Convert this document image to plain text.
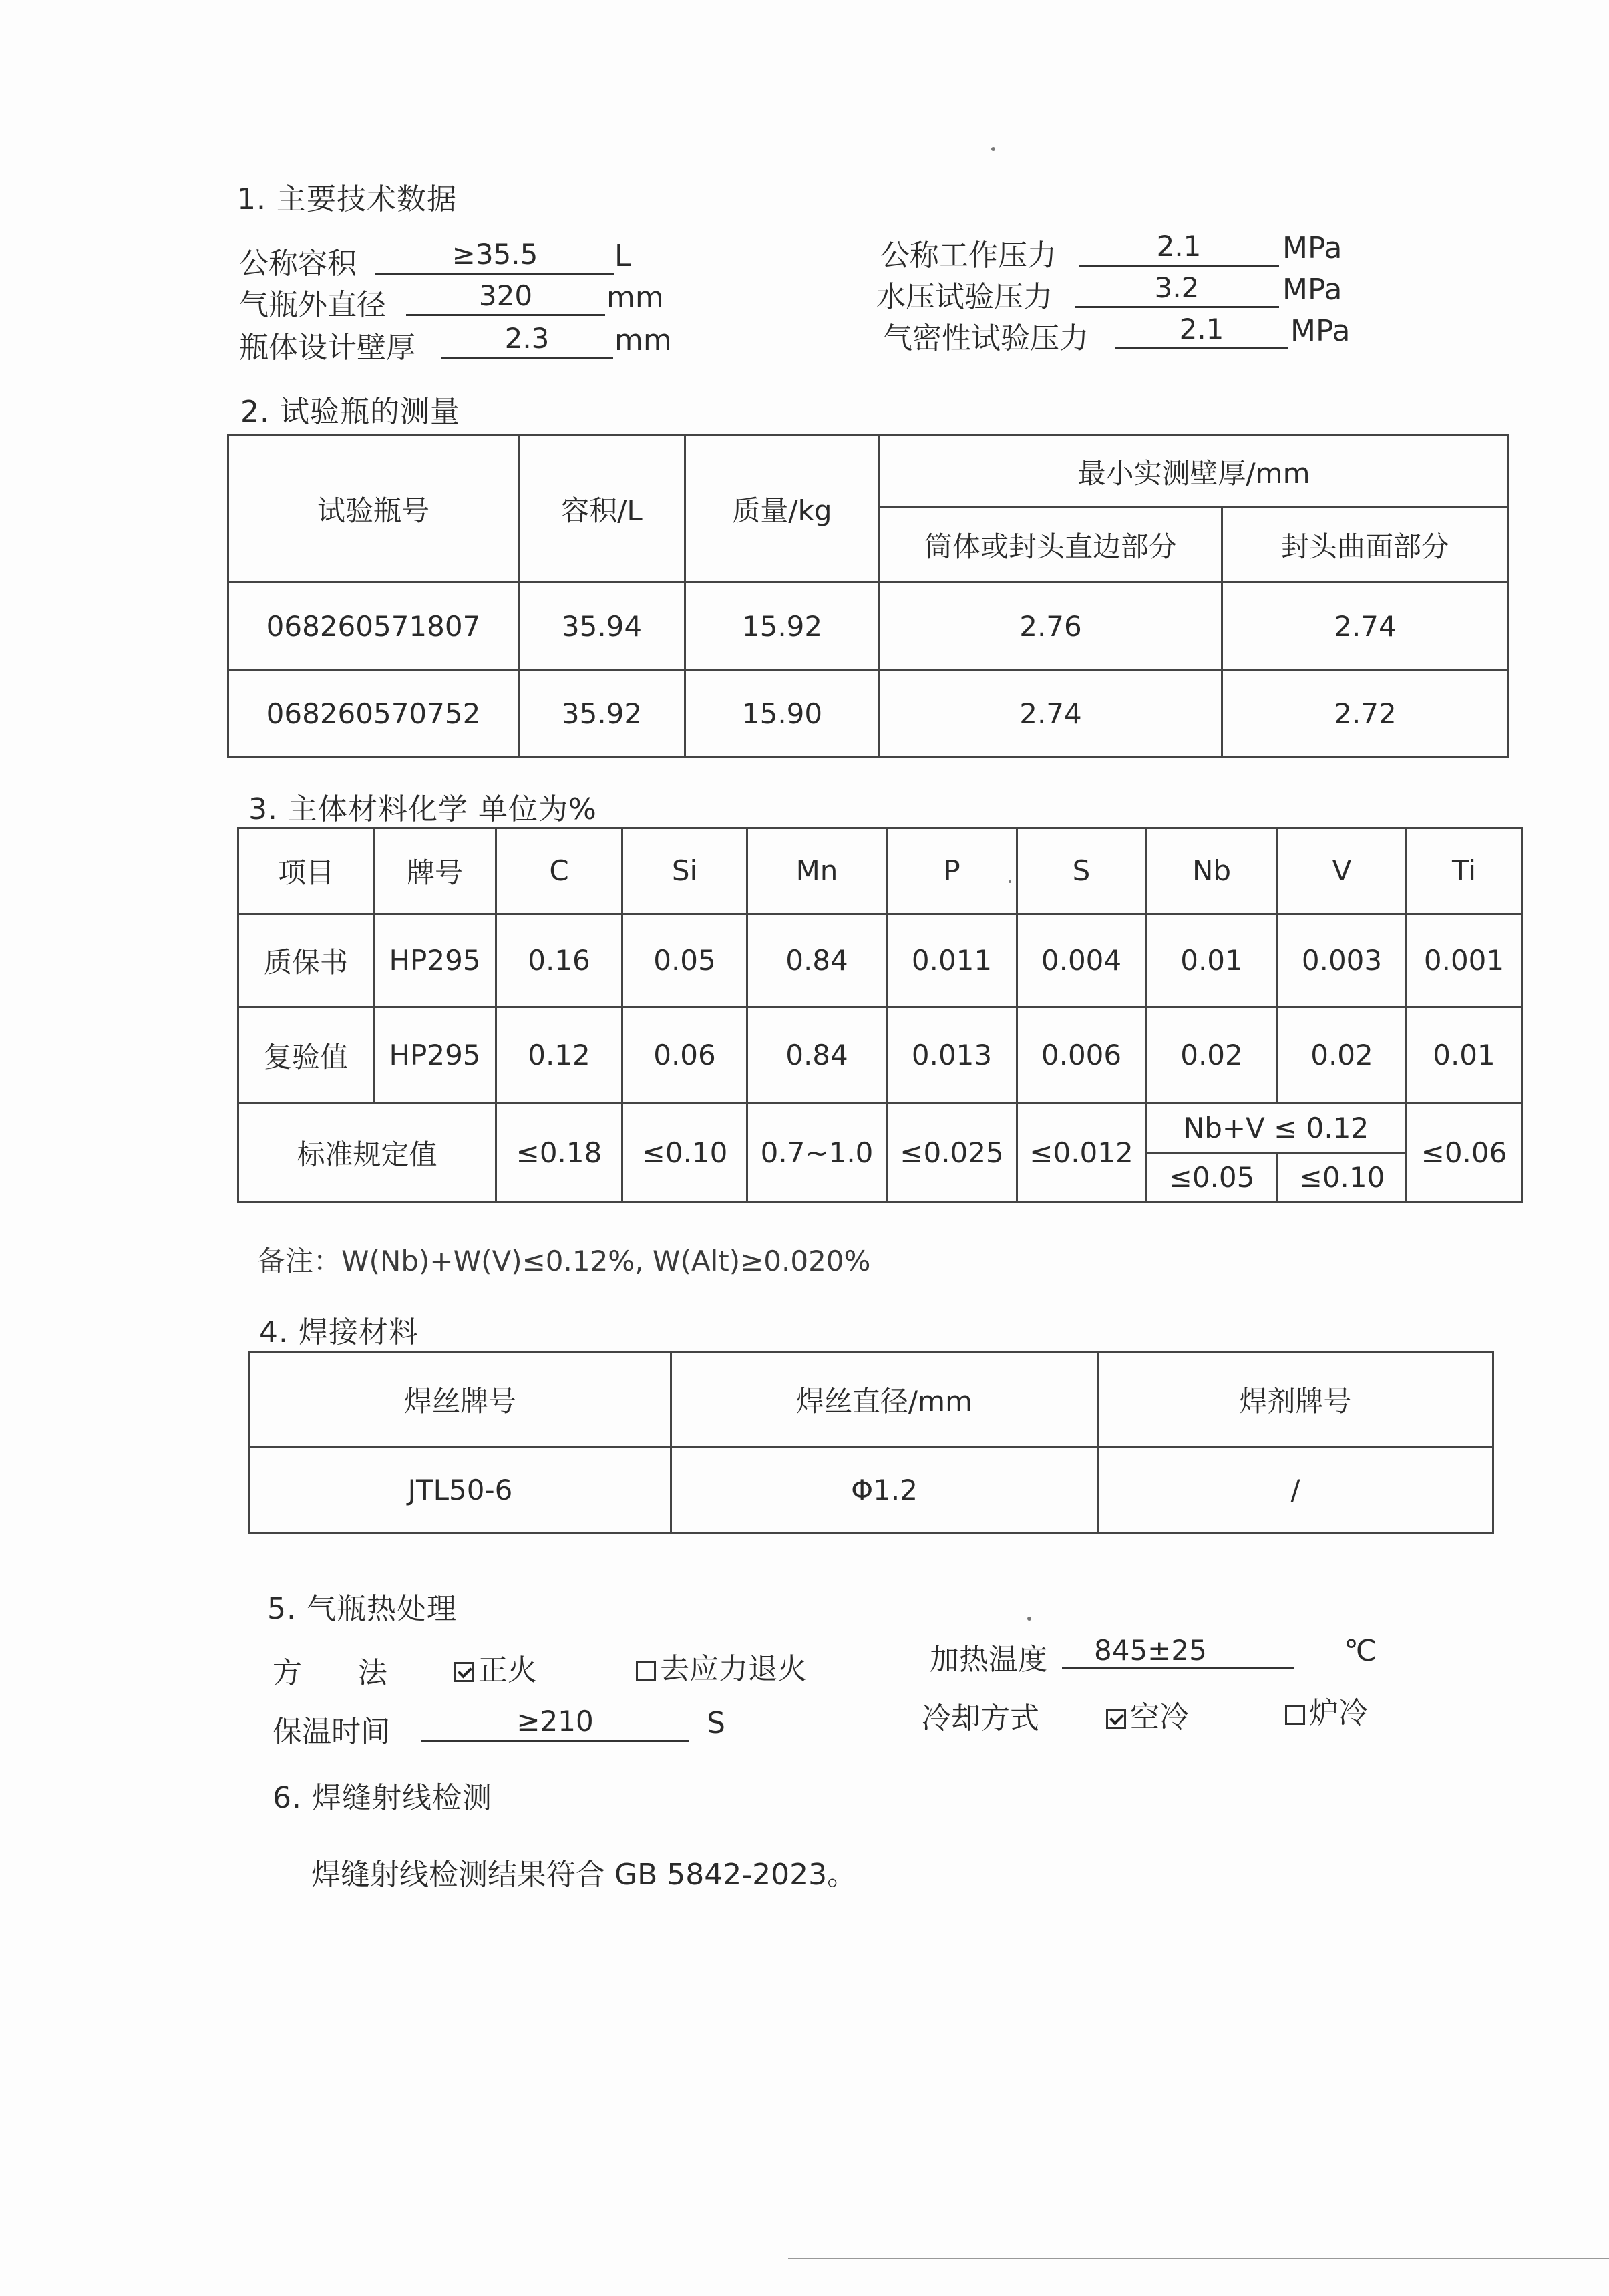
1. 主要技术数据
公称容积	≥35.5	L
气瓶外直径	320	mm
瓶体设计壁厚	2.3	mm
公称工作压力	2.1	MPa
水压试验压力	3.2	MPa
气密性试验压力	2.1	MPa
2. 试验瓶的测量
试验瓶号	容积/L	质量/kg	最小实测壁厚/mm	
			筒体或封头直边部分	封头曲面部分
068260571807	35.94	15.92	2.76	2.74
068260570752	35.92	15.90	2.74	2.72
3. 主体材料化学 单位为%
项目	牌号	C	Si	Mn	P	S	Nb	V	Ti
质保书	HP295	0.16	0.05	0.84	0.011	0.004	0.01	0.003	0.001
复验值	HP295	0.12	0.06	0.84	0.013	0.006	0.02	0.02	0.01
标准规定值		≤0.18	≤0.10	0.7~1.0	≤0.025	≤0.012	Nb+V ≤ 0.12		≤0.06
							≤0.05	≤0.10	
备注：W(Nb)+W(V)≤0.12%, W(Alt)≥0.020%
4. 焊接材料
焊丝牌号	焊丝直径/mm	焊剂牌号
JTL50-6	Φ1.2	/
5. 气瓶热处理
方      法	正火	去应力退火	加热温度	845±25	℃
保温时间	≥210	S	冷却方式	空冷	炉冷
6. 焊缝射线检测
焊缝射线检测结果符合 GB 5842-2023。
